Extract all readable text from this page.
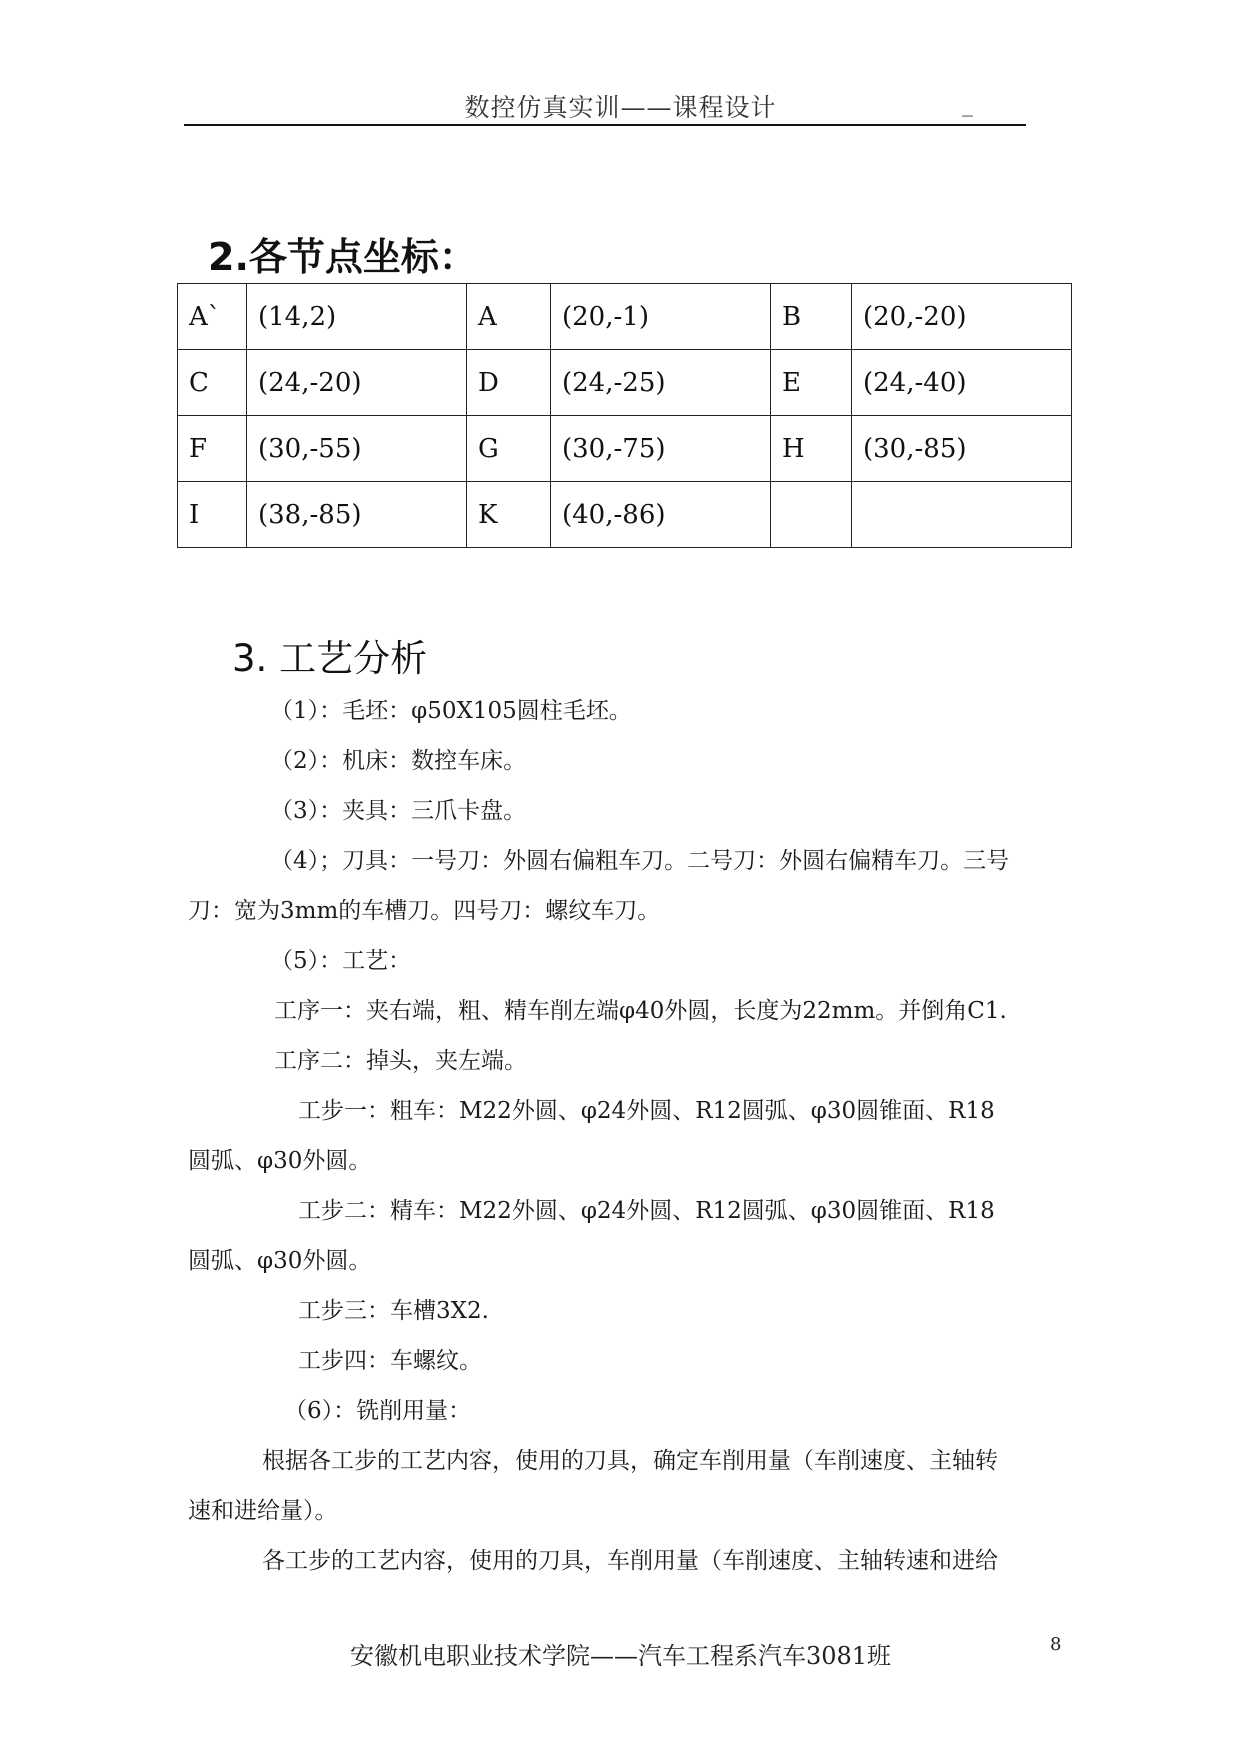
数控仿真实训——课程设计	_
2.各节点坐标：
A`	(14,2)	A	(20,-1)	B	(20,-20)
C	(24,-20)	D	(24,-25)	E	(24,-40)
F	(30,-55)	G	(30,-75)	H	(30,-85)
I	(38,-85)	K	(40,-86)		
3. 工艺分析
（1）：毛坯：φ50X105圆柱毛坯。
（2）：机床：数控车床。
（3）：夹具：三爪卡盘。
（4）；刀具：一号刀：外圆右偏粗车刀。二号刀：外圆右偏精车刀。三号
刀：宽为3mm的车槽刀。四号刀：螺纹车刀。
（5）：工艺：
工序一：夹右端，粗、精车削左端φ40外圆，长度为22mm。并倒角C1.
工序二：掉头，夹左端。
工步一：粗车：M22外圆、φ24外圆、R12圆弧、φ30圆锥面、R18
圆弧、φ30外圆。
工步二：精车：M22外圆、φ24外圆、R12圆弧、φ30圆锥面、R18
圆弧、φ30外圆。
工步三：车槽3X2.
工步四：车螺纹。
（6）：铣削用量：
根据各工步的工艺内容，使用的刀具，确定车削用量（车削速度、主轴转
速和进给量）。
各工步的工艺内容，使用的刀具，车削用量（车削速度、主轴转速和进给
安徽机电职业技术学院——汽车工程系汽车3081班	8
